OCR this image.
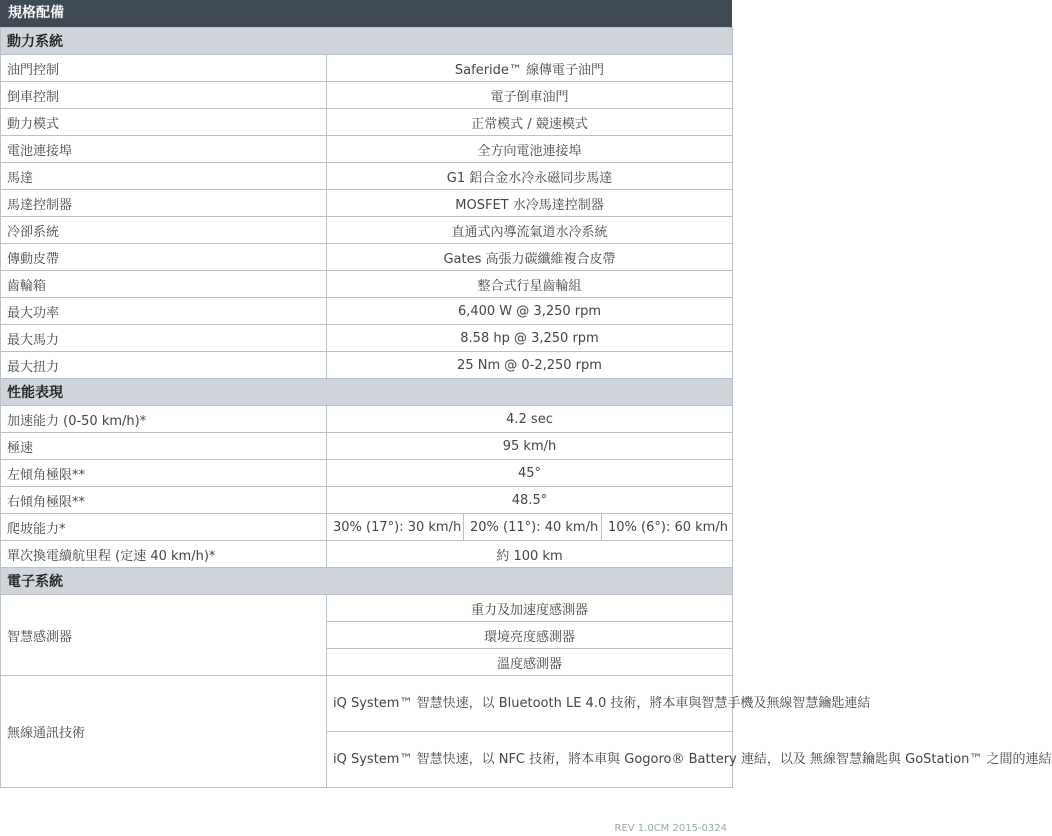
規格配備
動力系統			
油門控制	Saferide™ 線傳電子油門		
倒車控制	電子倒車油門		
動力模式	正常模式 / 競速模式		
電池連接埠	全方向電池連接埠		
馬達	G1 鋁合金水冷永磁同步馬達		
馬達控制器	MOSFET 水冷馬達控制器		
冷卻系統	直通式內導流氣道水冷系統		
傳動皮帶	Gates 高張力碳纖維複合皮帶		
齒輪箱	整合式行星齒輪組		
最大功率	6,400 W @ 3,250 rpm		
最大馬力	8.58 hp @ 3,250 rpm		
最大扭力	25 Nm @ 0-2,250 rpm		
性能表現			
加速能力 (0-50 km/h)*	4.2 sec		
極速	95 km/h		
左傾角極限**	45°		
右傾角極限**	48.5°		
爬坡能力*	30% (17°): 30 km/h	20% (11°): 40 km/h	10% (6°): 60 km/h
單次換電續航里程 (定速 40 km/h)*	約 100 km		
電子系統			
智慧感測器	重力及加速度感測器		
	環境亮度感測器		
	溫度感測器		
無線通訊技術	iQ System™ 智慧快速，以 Bluetooth LE 4.0 技術，將本車與智慧手機及無線智慧鑰匙連結		
	iQ System™ 智慧快速，以 NFC 技術，將本車與 Gogoro® Battery 連結，以及 無線智慧鑰匙與 GoStation™ 之間的連結		
REV 1.0CM 2015-0324
